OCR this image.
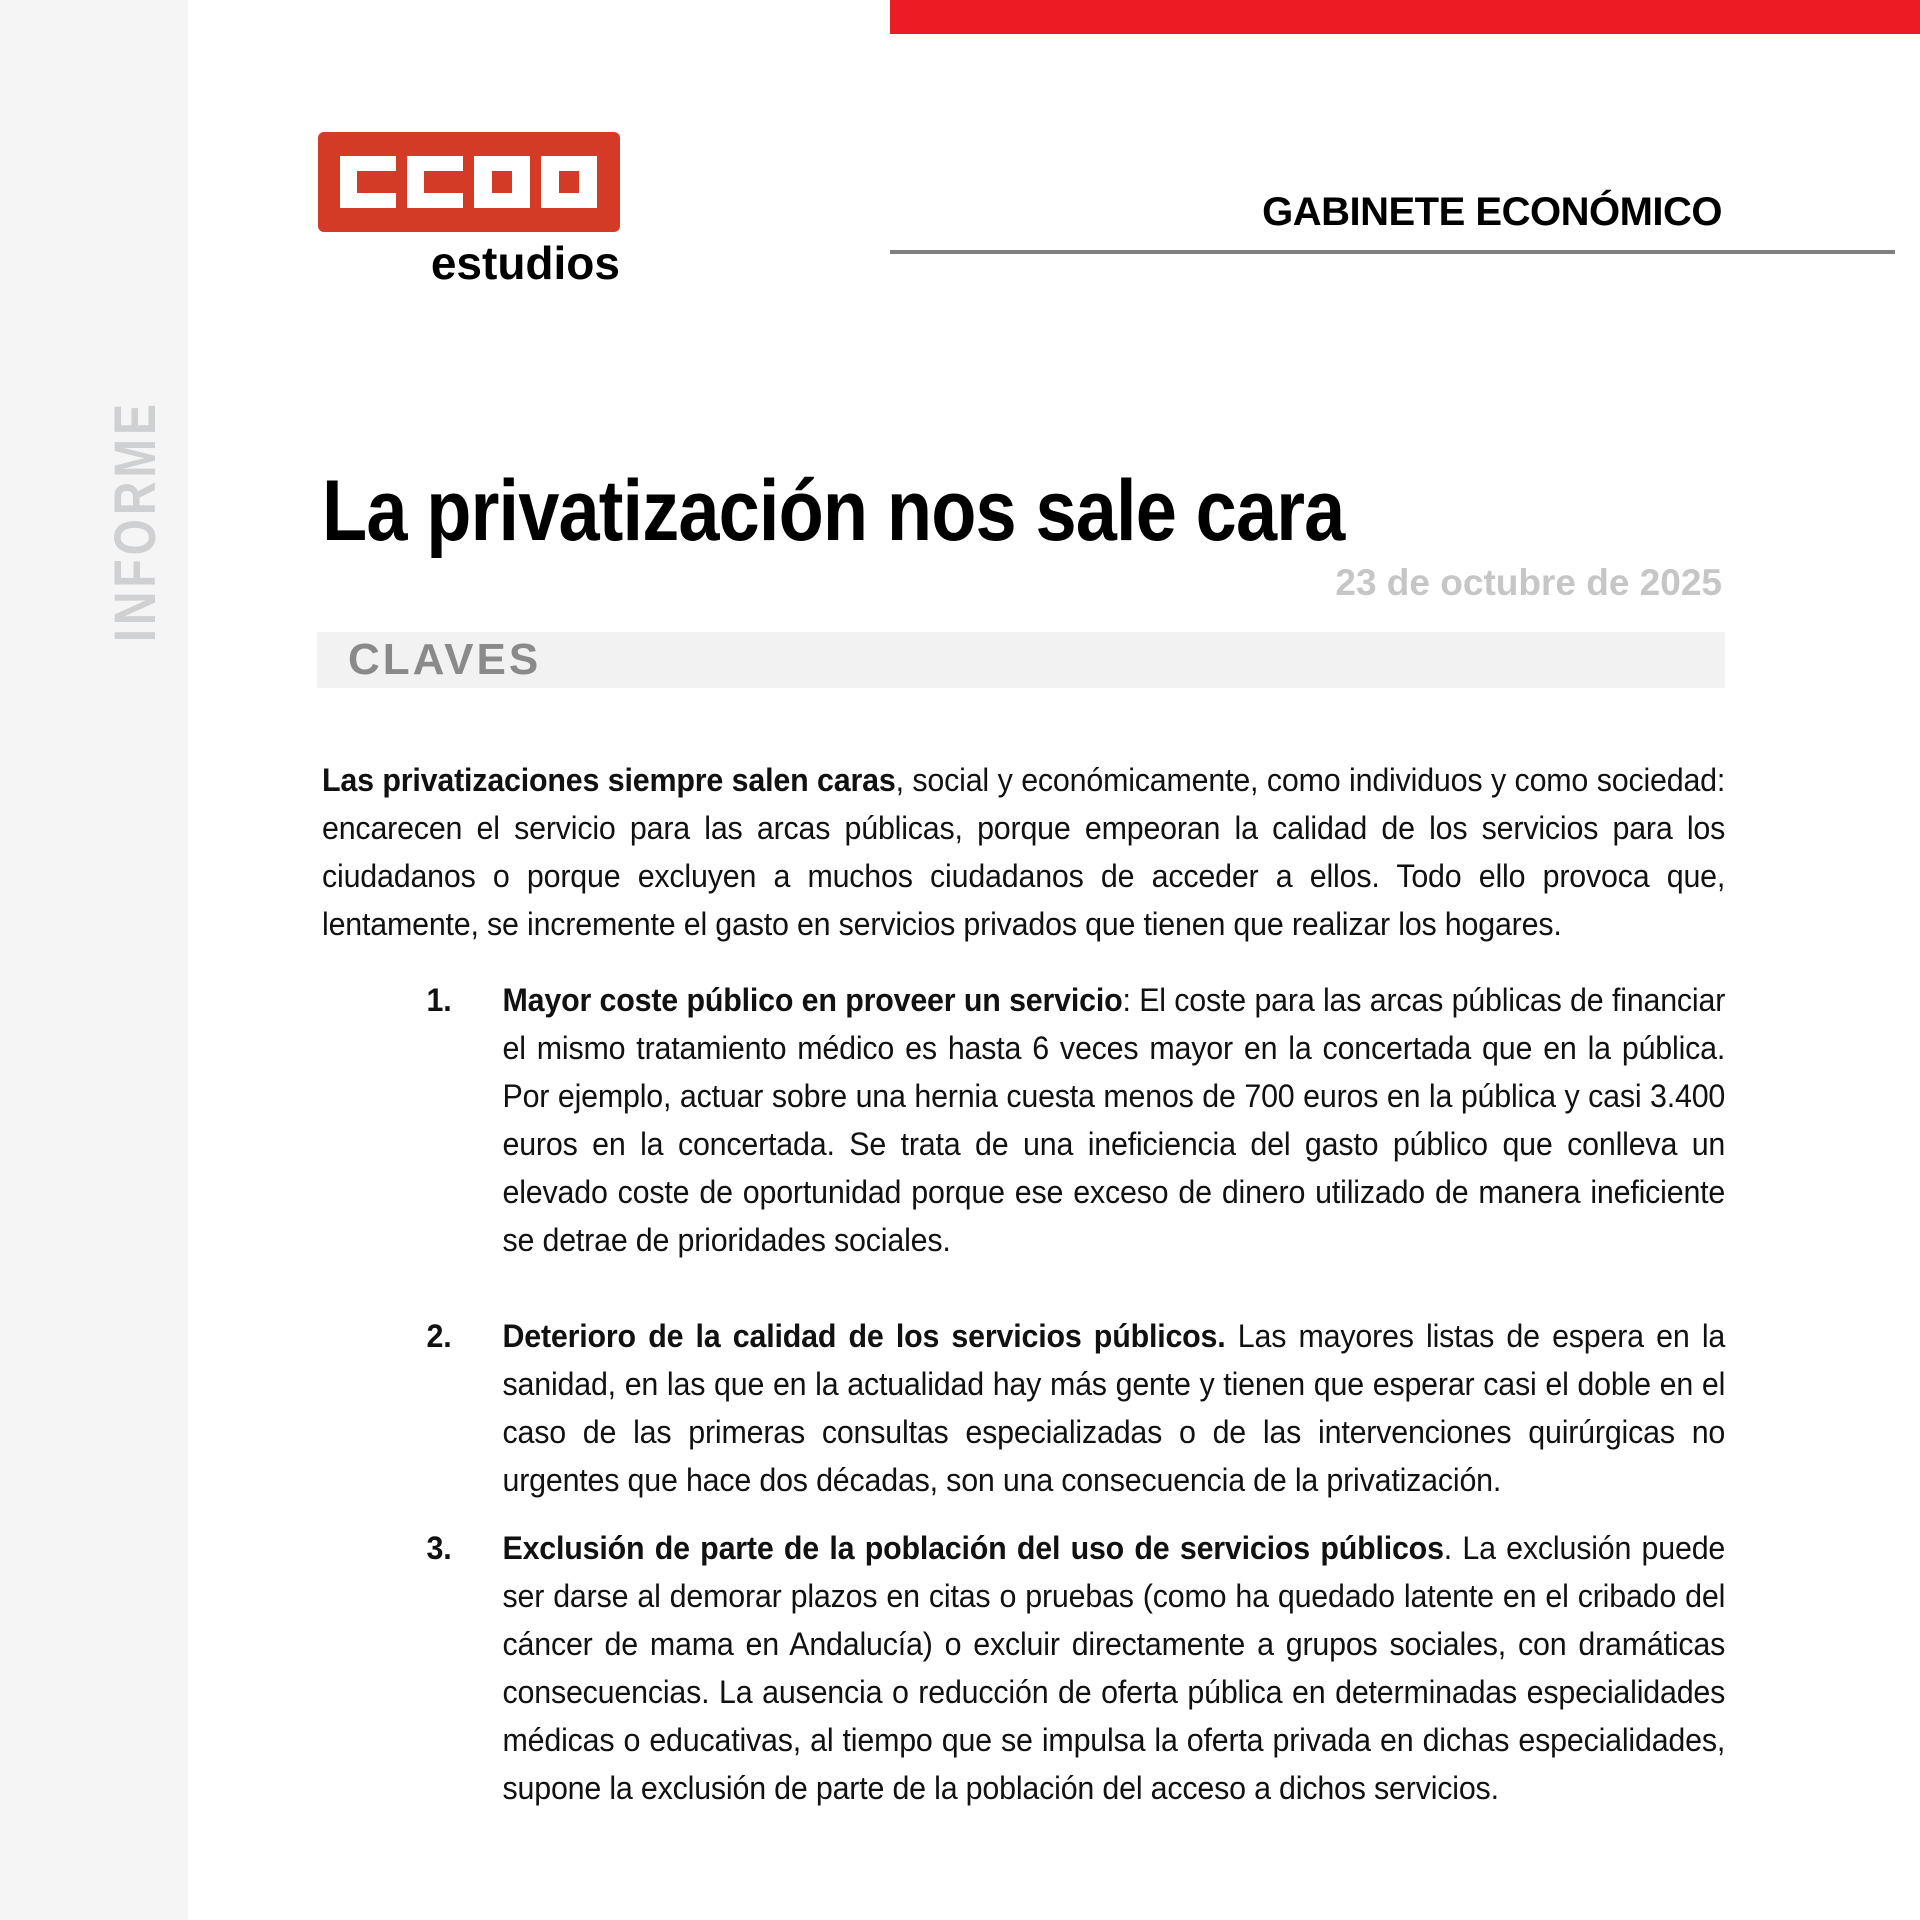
INFORME
estudios
GABINETE ECONÓMICO
La privatización nos sale cara
23 de octubre de 2025
CLAVES

Las privatizaciones siempre salen caras, social y económicamente, como individuos y como sociedad: encarecen el servicio para las arcas públicas, porque empeoran la calidad de los servicios para los ciudadanos o porque excluyen a muchos ciudadanos de acceder a ellos. Todo ello provoca que, lentamente, se incremente el gasto en servicios privados que tienen que realizar los hogares.

1. Mayor coste público en proveer un servicio: El coste para las arcas públicas de financiar el mismo tratamiento médico es hasta 6 veces mayor en la concertada que en la pública. Por ejemplo, actuar sobre una hernia cuesta menos de 700 euros en la pública y casi 3.400 euros en la concertada. Se trata de una ineficiencia del gasto público que conlleva un elevado coste de oportunidad porque ese exceso de dinero utilizado de manera ineficiente se detrae de prioridades sociales.
2. Deterioro de la calidad de los servicios públicos. Las mayores listas de espera en la sanidad, en las que en la actualidad hay más gente y tienen que esperar casi el doble en el caso de las primeras consultas especializadas o de las intervenciones quirúrgicas no urgentes que hace dos décadas, son una consecuencia de la privatización.
3. Exclusión de parte de la población del uso de servicios públicos. La exclusión puede ser darse al demorar plazos en citas o pruebas (como ha quedado latente en el cribado del cáncer de mama en Andalucía) o excluir directamente a grupos sociales, con dramáticas consecuencias. La ausencia o reducción de oferta pública en determinadas especialidades médicas o educativas, al tiempo que se impulsa la oferta privada en dichas especialidades, supone la exclusión de parte de la población del acceso a dichos servicios.
